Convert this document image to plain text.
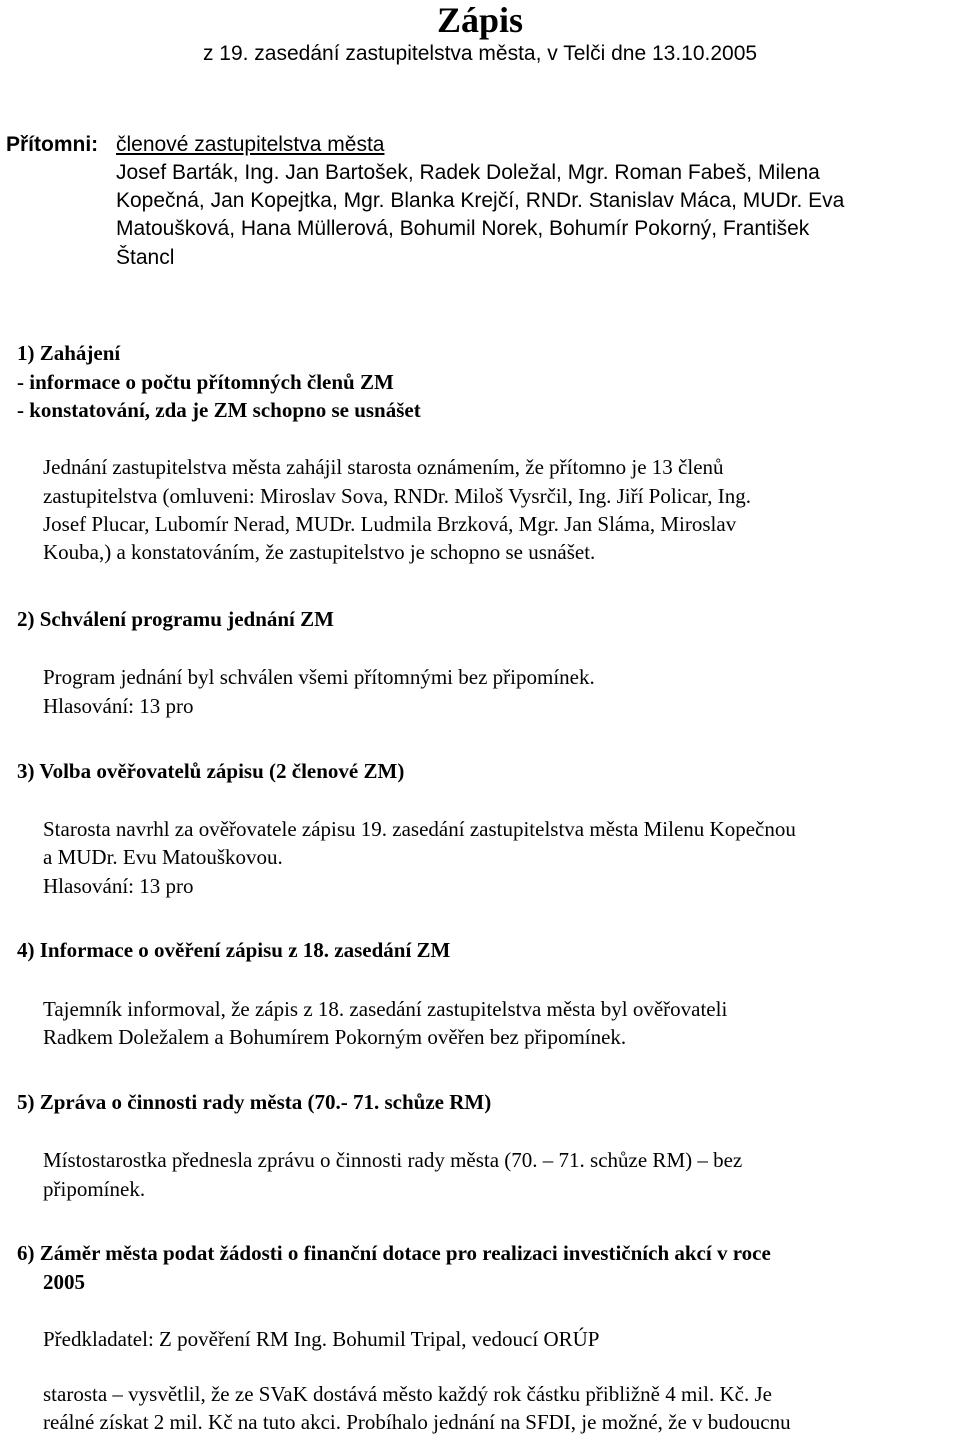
Zápis
z 19. zasedání zastupitelstva města, v Telči dne 13.10.2005
Přítomni: členové zastupitelstva města
Josef Barták, Ing. Jan Bartošek, Radek Doležal, Mgr. Roman Fabeš, Milena
Kopečná, Jan Kopejtka, Mgr. Blanka Krejčí, RNDr. Stanislav Máca, MUDr. Eva
Matoušková, Hana Müllerová, Bohumil Norek, Bohumír Pokorný, František
Štancl
1) Zahájení
- informace o počtu přítomných členů ZM
- konstatování, zda je ZM schopno se usnášet
Jednání zastupitelstva města zahájil starosta oznámením, že přítomno je 13 členů
zastupitelstva (omluveni: Miroslav Sova, RNDr. Miloš Vysrčil, Ing. Jiří Policar, Ing.
Josef Plucar, Lubomír Nerad, MUDr. Ludmila Brzková, Mgr. Jan Sláma, Miroslav
Kouba,) a konstatováním, že zastupitelstvo je schopno se usnášet.
2) Schválení programu jednání ZM
Program jednání byl schválen všemi přítomnými bez připomínek.
Hlasování: 13 pro
3) Volba ověřovatelů zápisu (2 členové ZM)
Starosta navrhl za ověřovatele zápisu 19. zasedání zastupitelstva města Milenu Kopečnou
a MUDr. Evu Matouškovou.
Hlasování: 13 pro
4) Informace o ověření zápisu z 18. zasedání ZM
Tajemník informoval, že zápis z 18. zasedání zastupitelstva města byl ověřovateli
Radkem Doležalem a Bohumírem Pokorným ověřen bez připomínek.
5) Zpráva o činnosti rady města (70.- 71. schůze RM)
Místostarostka přednesla zprávu o činnosti rady města (70. – 71. schůze RM) – bez
připomínek.
6) Záměr města podat žádosti o finanční dotace pro realizaci investičních akcí v roce
2005
Předkladatel: Z pověření RM Ing. Bohumil Tripal, vedoucí ORÚP
starosta – vysvětlil, že ze SVaK dostává město každý rok částku přibližně 4 mil. Kč. Je
reálné získat 2 mil. Kč na tuto akci. Probíhalo jednání na SFDI, je možné, že v budoucnu
